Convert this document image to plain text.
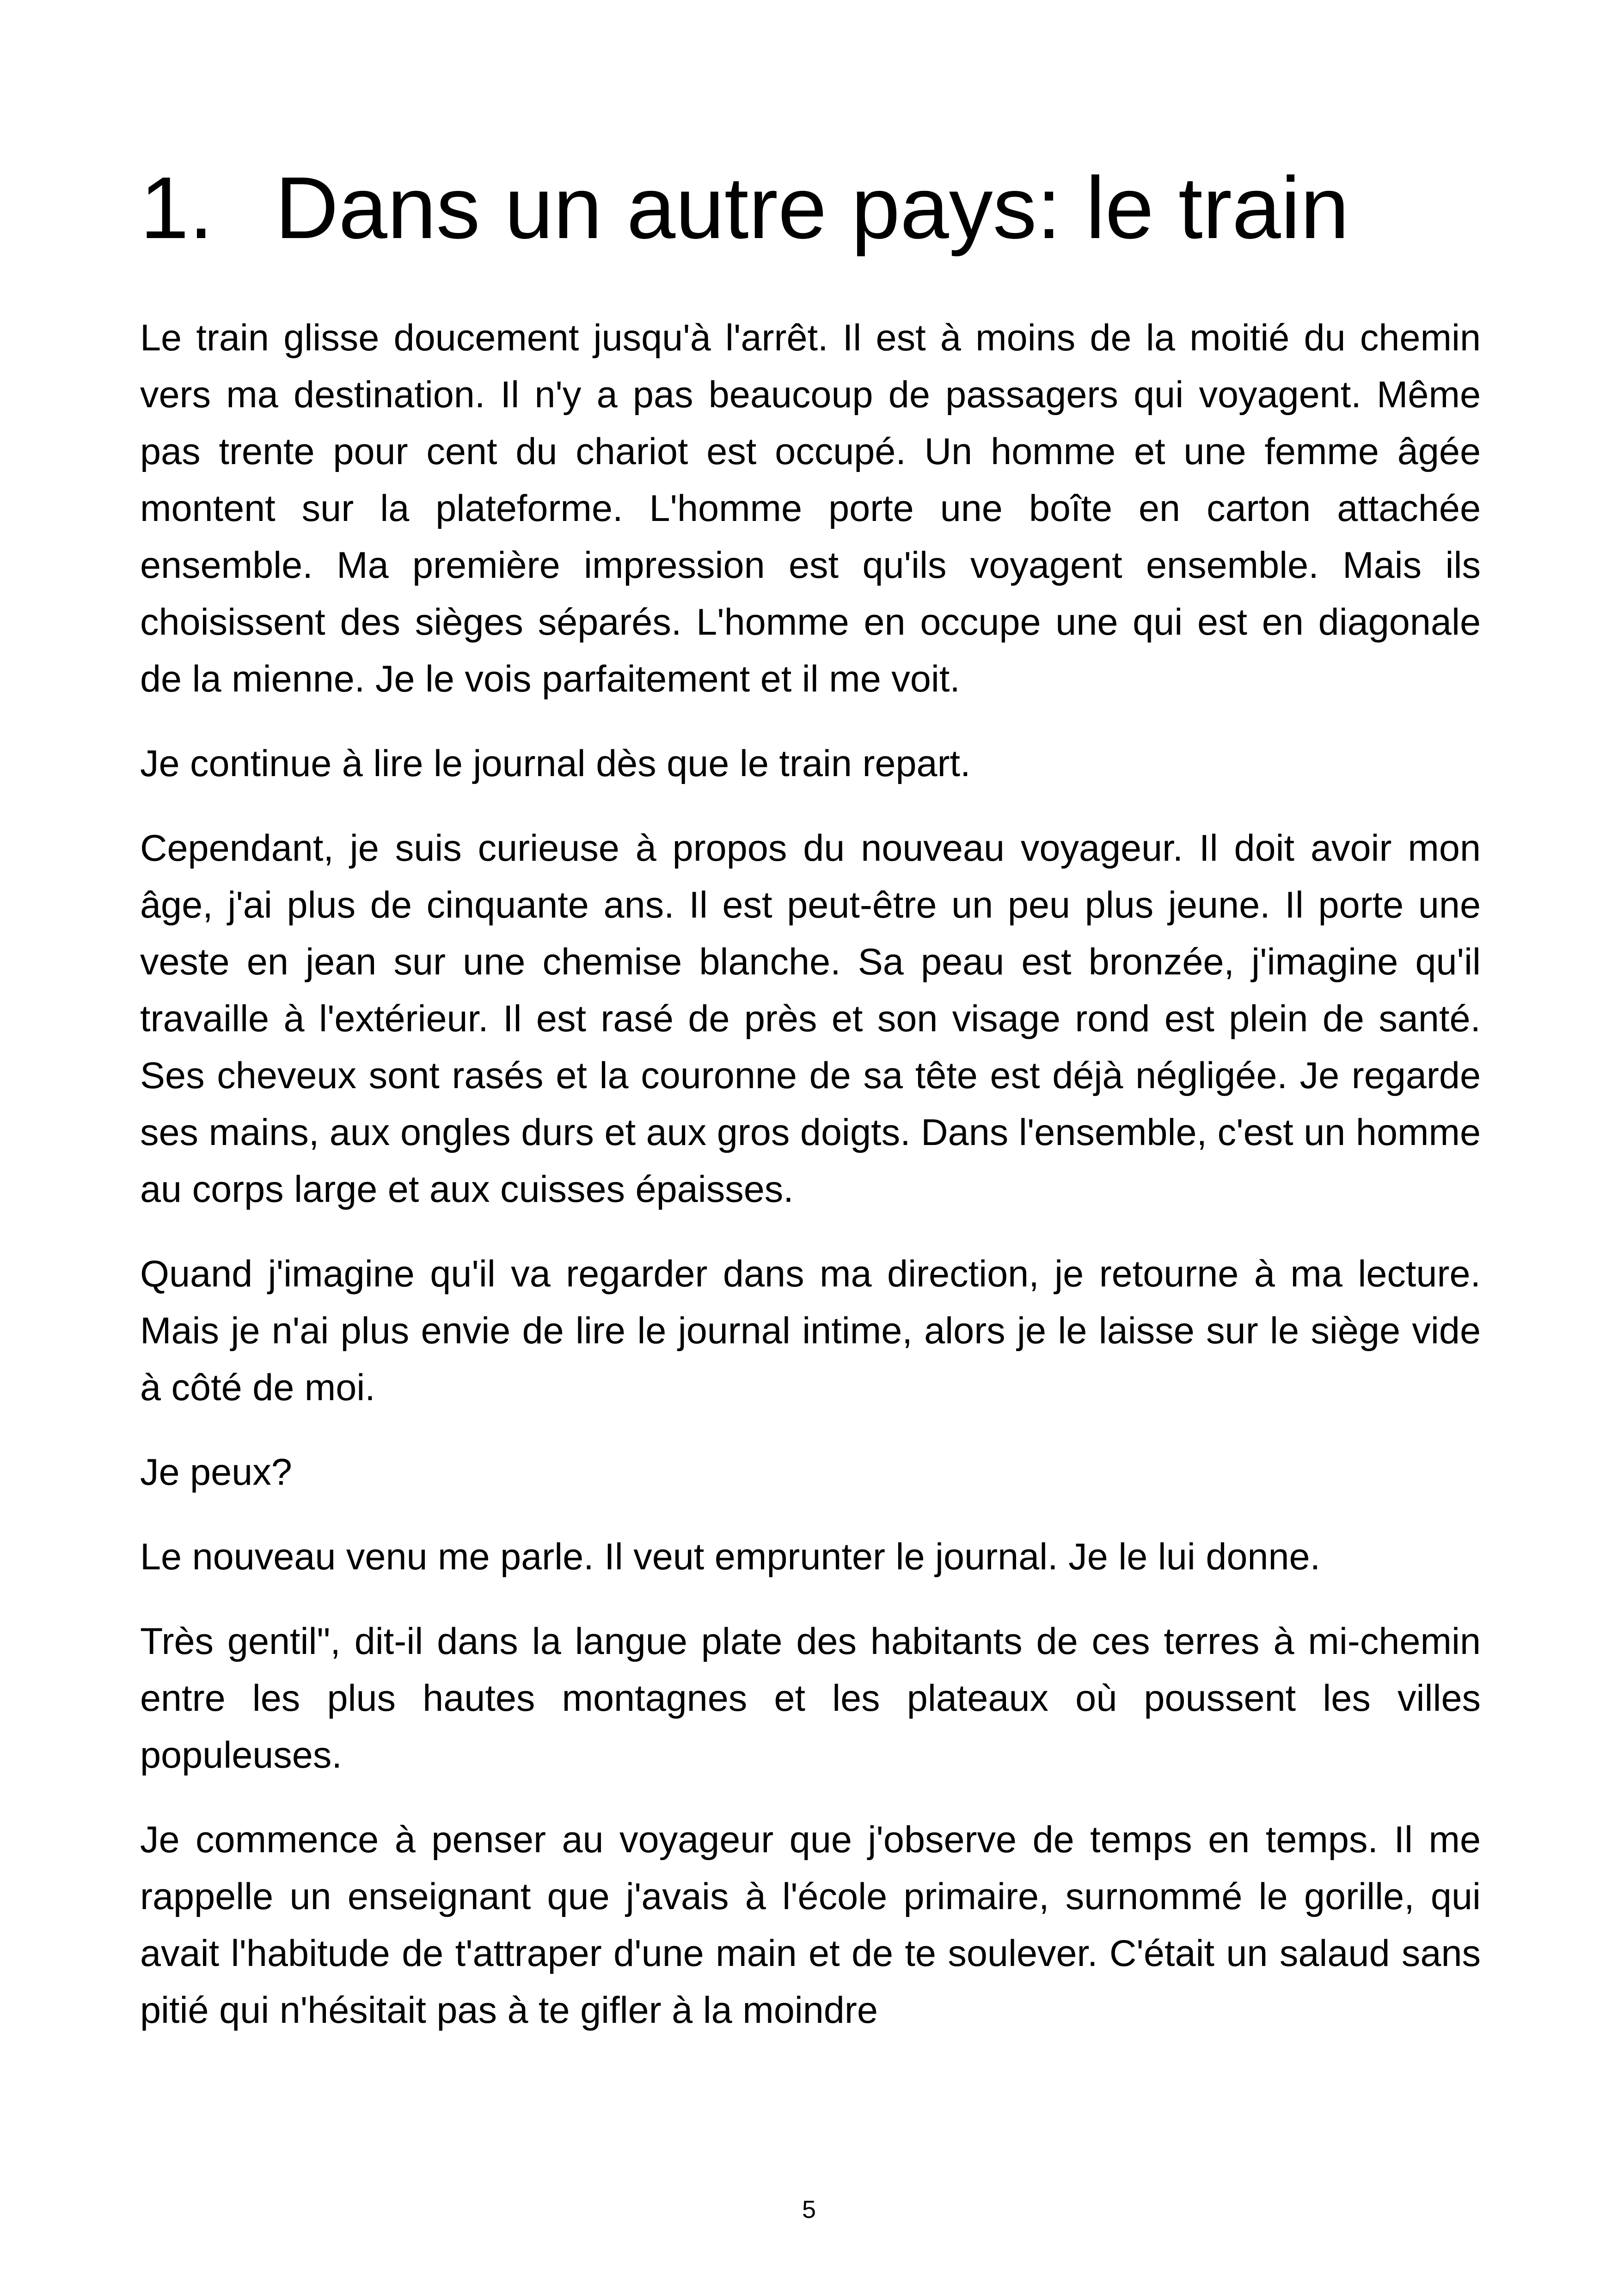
1. Dans un autre pays: le train

Le train glisse doucement jusqu'à l'arrêt. Il est à moins de la moitié du chemin vers ma destination. Il n'y a pas beaucoup de passagers qui voyagent. Même pas trente pour cent du chariot est occupé. Un homme et une femme âgée montent sur la plateforme. L'homme porte une boîte en carton attachée ensemble. Ma première impression est qu'ils voyagent ensemble. Mais ils choisissent des sièges séparés. L'homme en occupe une qui est en diagonale de la mienne. Je le vois parfaitement et il me voit.

Je continue à lire le journal dès que le train repart.

Cependant, je suis curieuse à propos du nouveau voyageur. Il doit avoir mon âge, j'ai plus de cinquante ans. Il est peut-être un peu plus jeune. Il porte une veste en jean sur une chemise blanche. Sa peau est bronzée, j'imagine qu'il travaille à l'extérieur. Il est rasé de près et son visage rond est plein de santé. Ses cheveux sont rasés et la couronne de sa tête est déjà négligée. Je regarde ses mains, aux ongles durs et aux gros doigts. Dans l'ensemble, c'est un homme au corps large et aux cuisses épaisses.

Quand j'imagine qu'il va regarder dans ma direction, je retourne à ma lecture. Mais je n'ai plus envie de lire le journal intime, alors je le laisse sur le siège vide à côté de moi.

Je peux?

Le nouveau venu me parle. Il veut emprunter le journal. Je le lui donne.

Très gentil", dit-il dans la langue plate des habitants de ces terres à mi-chemin entre les plus hautes montagnes et les plateaux où poussent les villes populeuses.

Je commence à penser au voyageur que j'observe de temps en temps. Il me rappelle un enseignant que j'avais à l'école primaire, surnommé le gorille, qui avait l'habitude de t'attraper d'une main et de te soulever. C'était un salaud sans pitié qui n'hésitait pas à te gifler à la moindre

5
